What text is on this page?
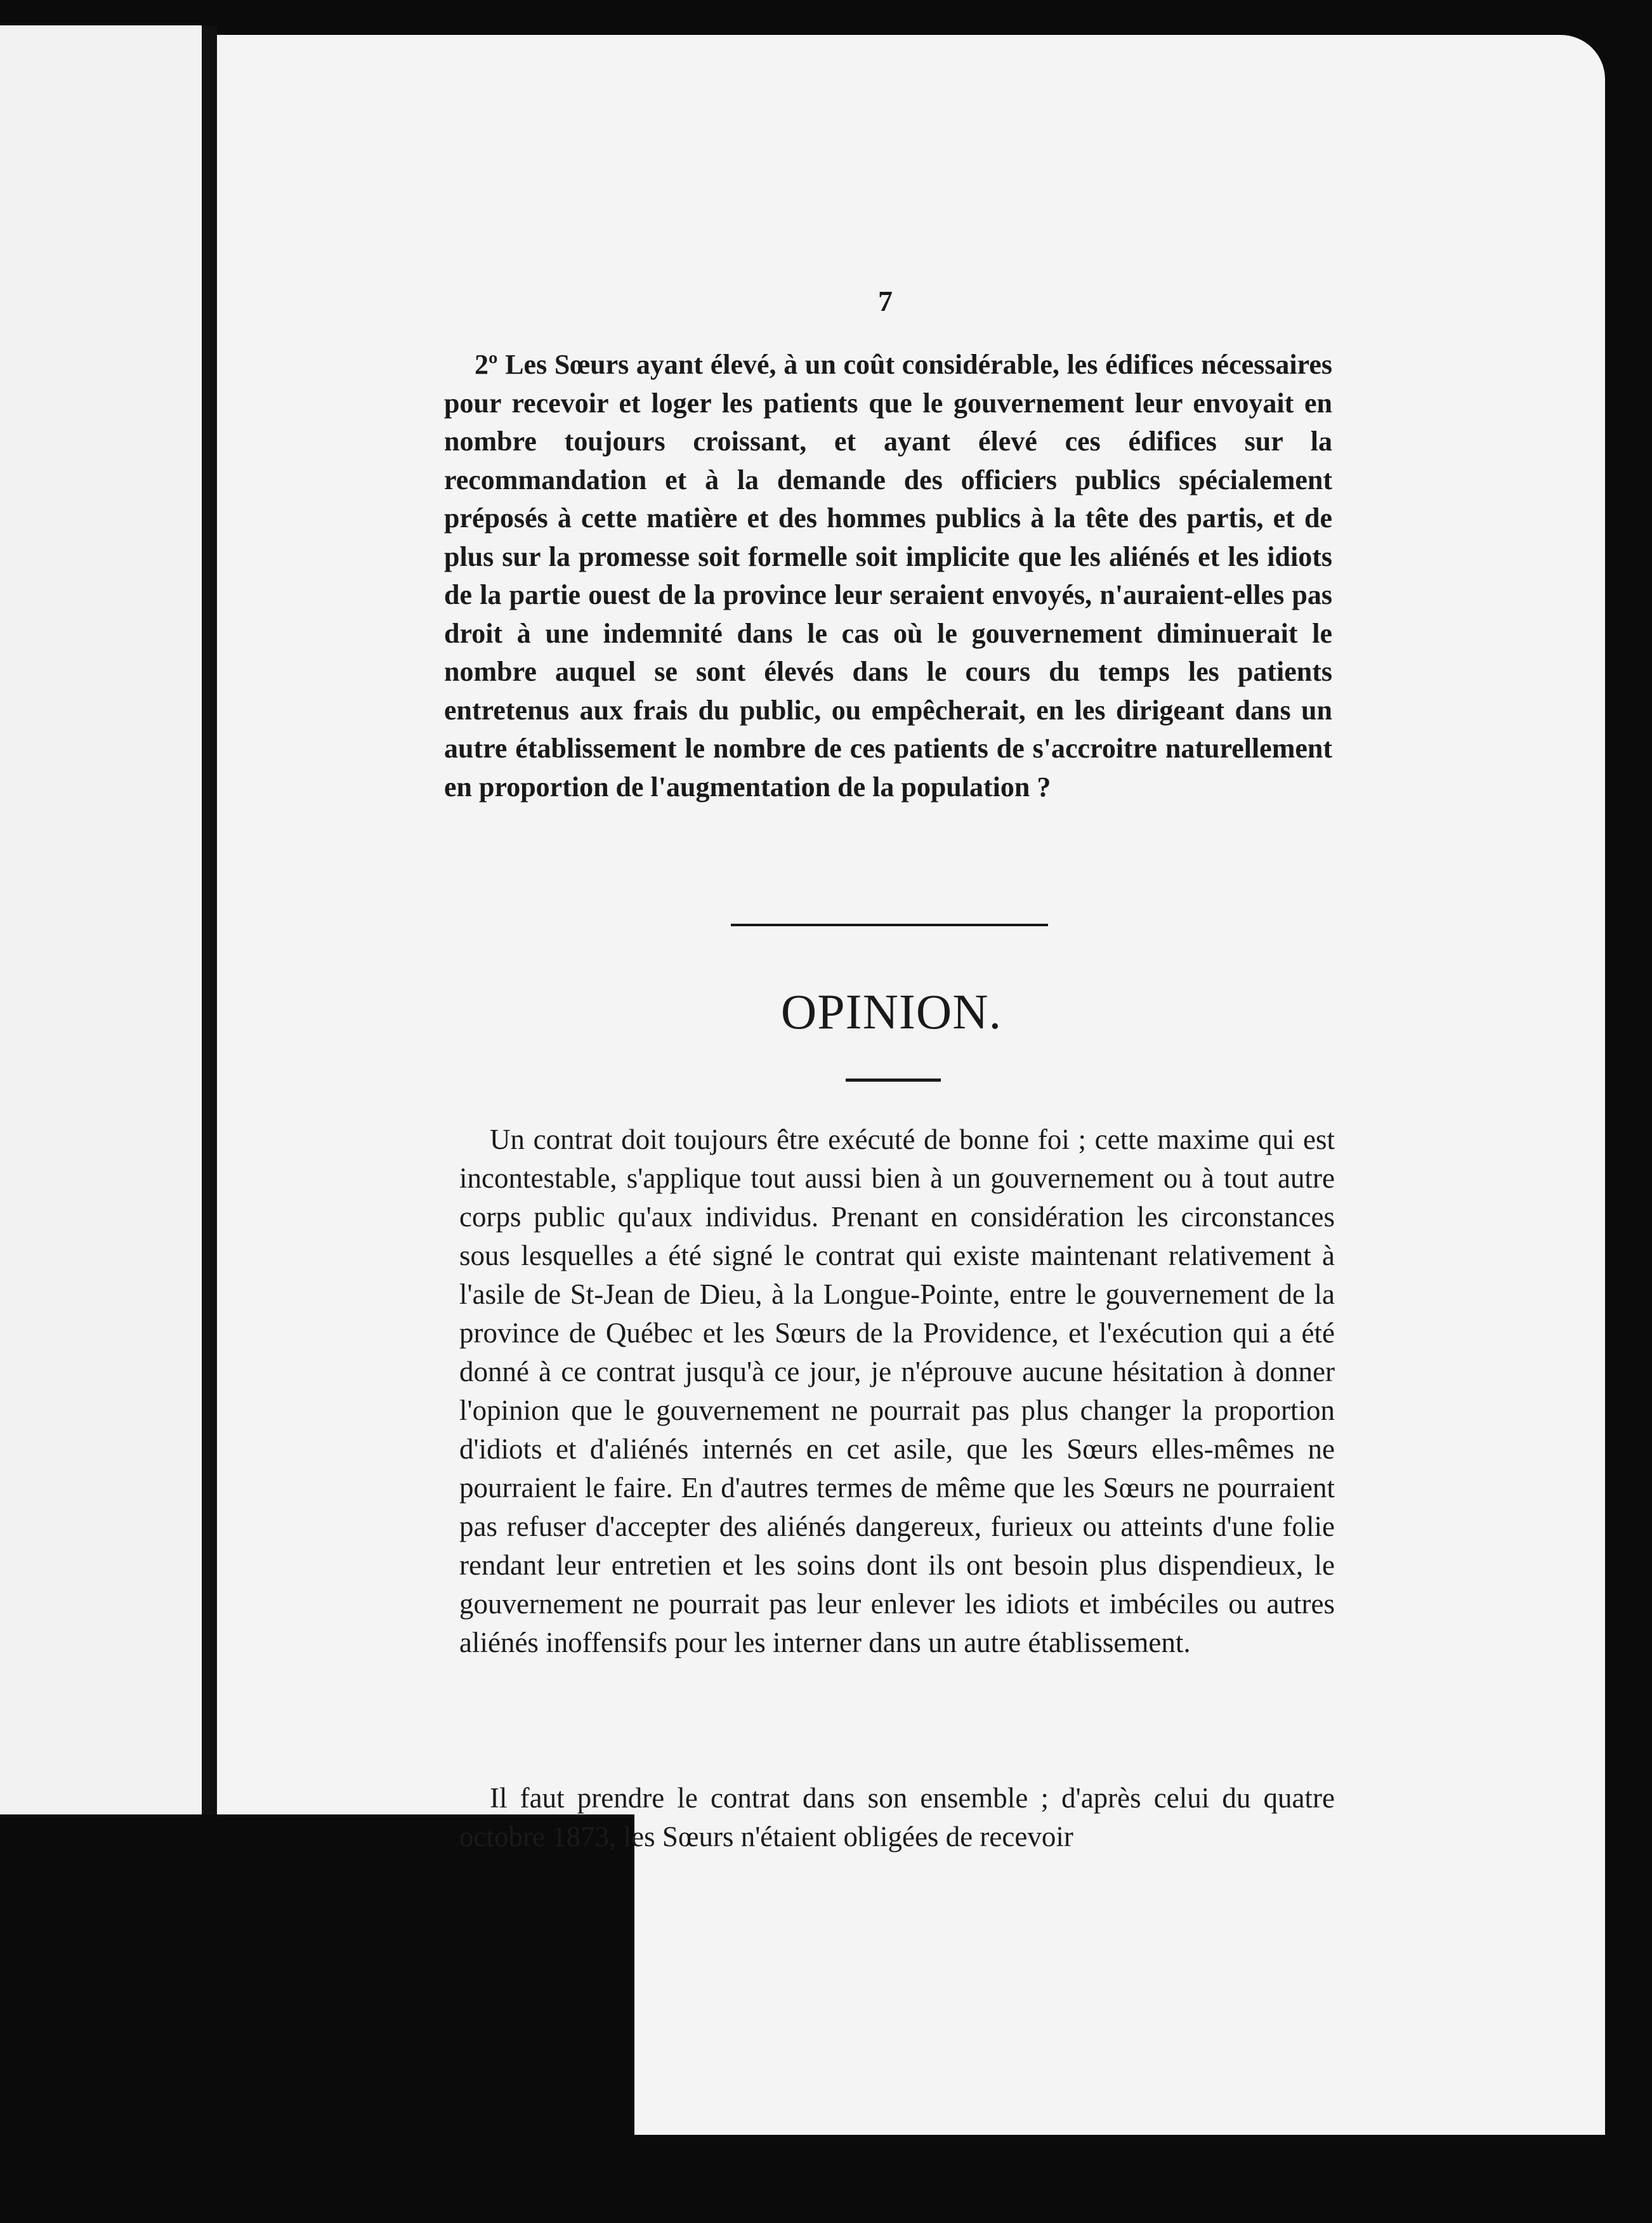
7

2º Les Sœurs ayant élevé, à un coût considérable, les édifices nécessaires pour recevoir et loger les patients que le gouvernement leur envoyait en nombre toujours croissant, et ayant élevé ces édifices sur la recommandation et à la demande des officiers publics spécialement préposés à cette matière et des hommes publics à la tête des partis, et de plus sur la promesse soit formelle soit implicite que les aliénés et les idiots de la partie ouest de la province leur seraient envoyés, n'auraient-elles pas droit à une indemnité dans le cas où le gouvernement diminuerait le nombre auquel se sont élevés dans le cours du temps les patients entretenus aux frais du public, ou empêcherait, en les dirigeant dans un autre établissement le nombre de ces patients de s'accroitre naturellement en proportion de l'augmentation de la population ?

OPINION.

Un contrat doit toujours être exécuté de bonne foi ; cette maxime qui est incontestable, s'applique tout aussi bien à un gouvernement ou à tout autre corps public qu'aux individus. Prenant en considération les circonstances sous lesquelles a été signé le contrat qui existe maintenant relativement à l'asile de St-Jean de Dieu, à la Longue-Pointe, entre le gouvernement de la province de Québec et les Sœurs de la Providence, et l'exécution qui a été donné à ce contrat jusqu'à ce jour, je n'éprouve aucune hésitation à donner l'opinion que le gouvernement ne pourrait pas plus changer la proportion d'idiots et d'aliénés internés en cet asile, que les Sœurs elles-mêmes ne pourraient le faire. En d'autres termes de même que les Sœurs ne pourraient pas refuser d'accepter des aliénés dangereux, furieux ou atteints d'une folie rendant leur entretien et les soins dont ils ont besoin plus dispendieux, le gouvernement ne pourrait pas leur enlever les idiots et imbéciles ou autres aliénés inoffensifs pour les interner dans un autre établissement.

Il faut prendre le contrat dans son ensemble ; d'après celui du quatre octobre 1873, les Sœurs n'étaient obligées de recevoir
